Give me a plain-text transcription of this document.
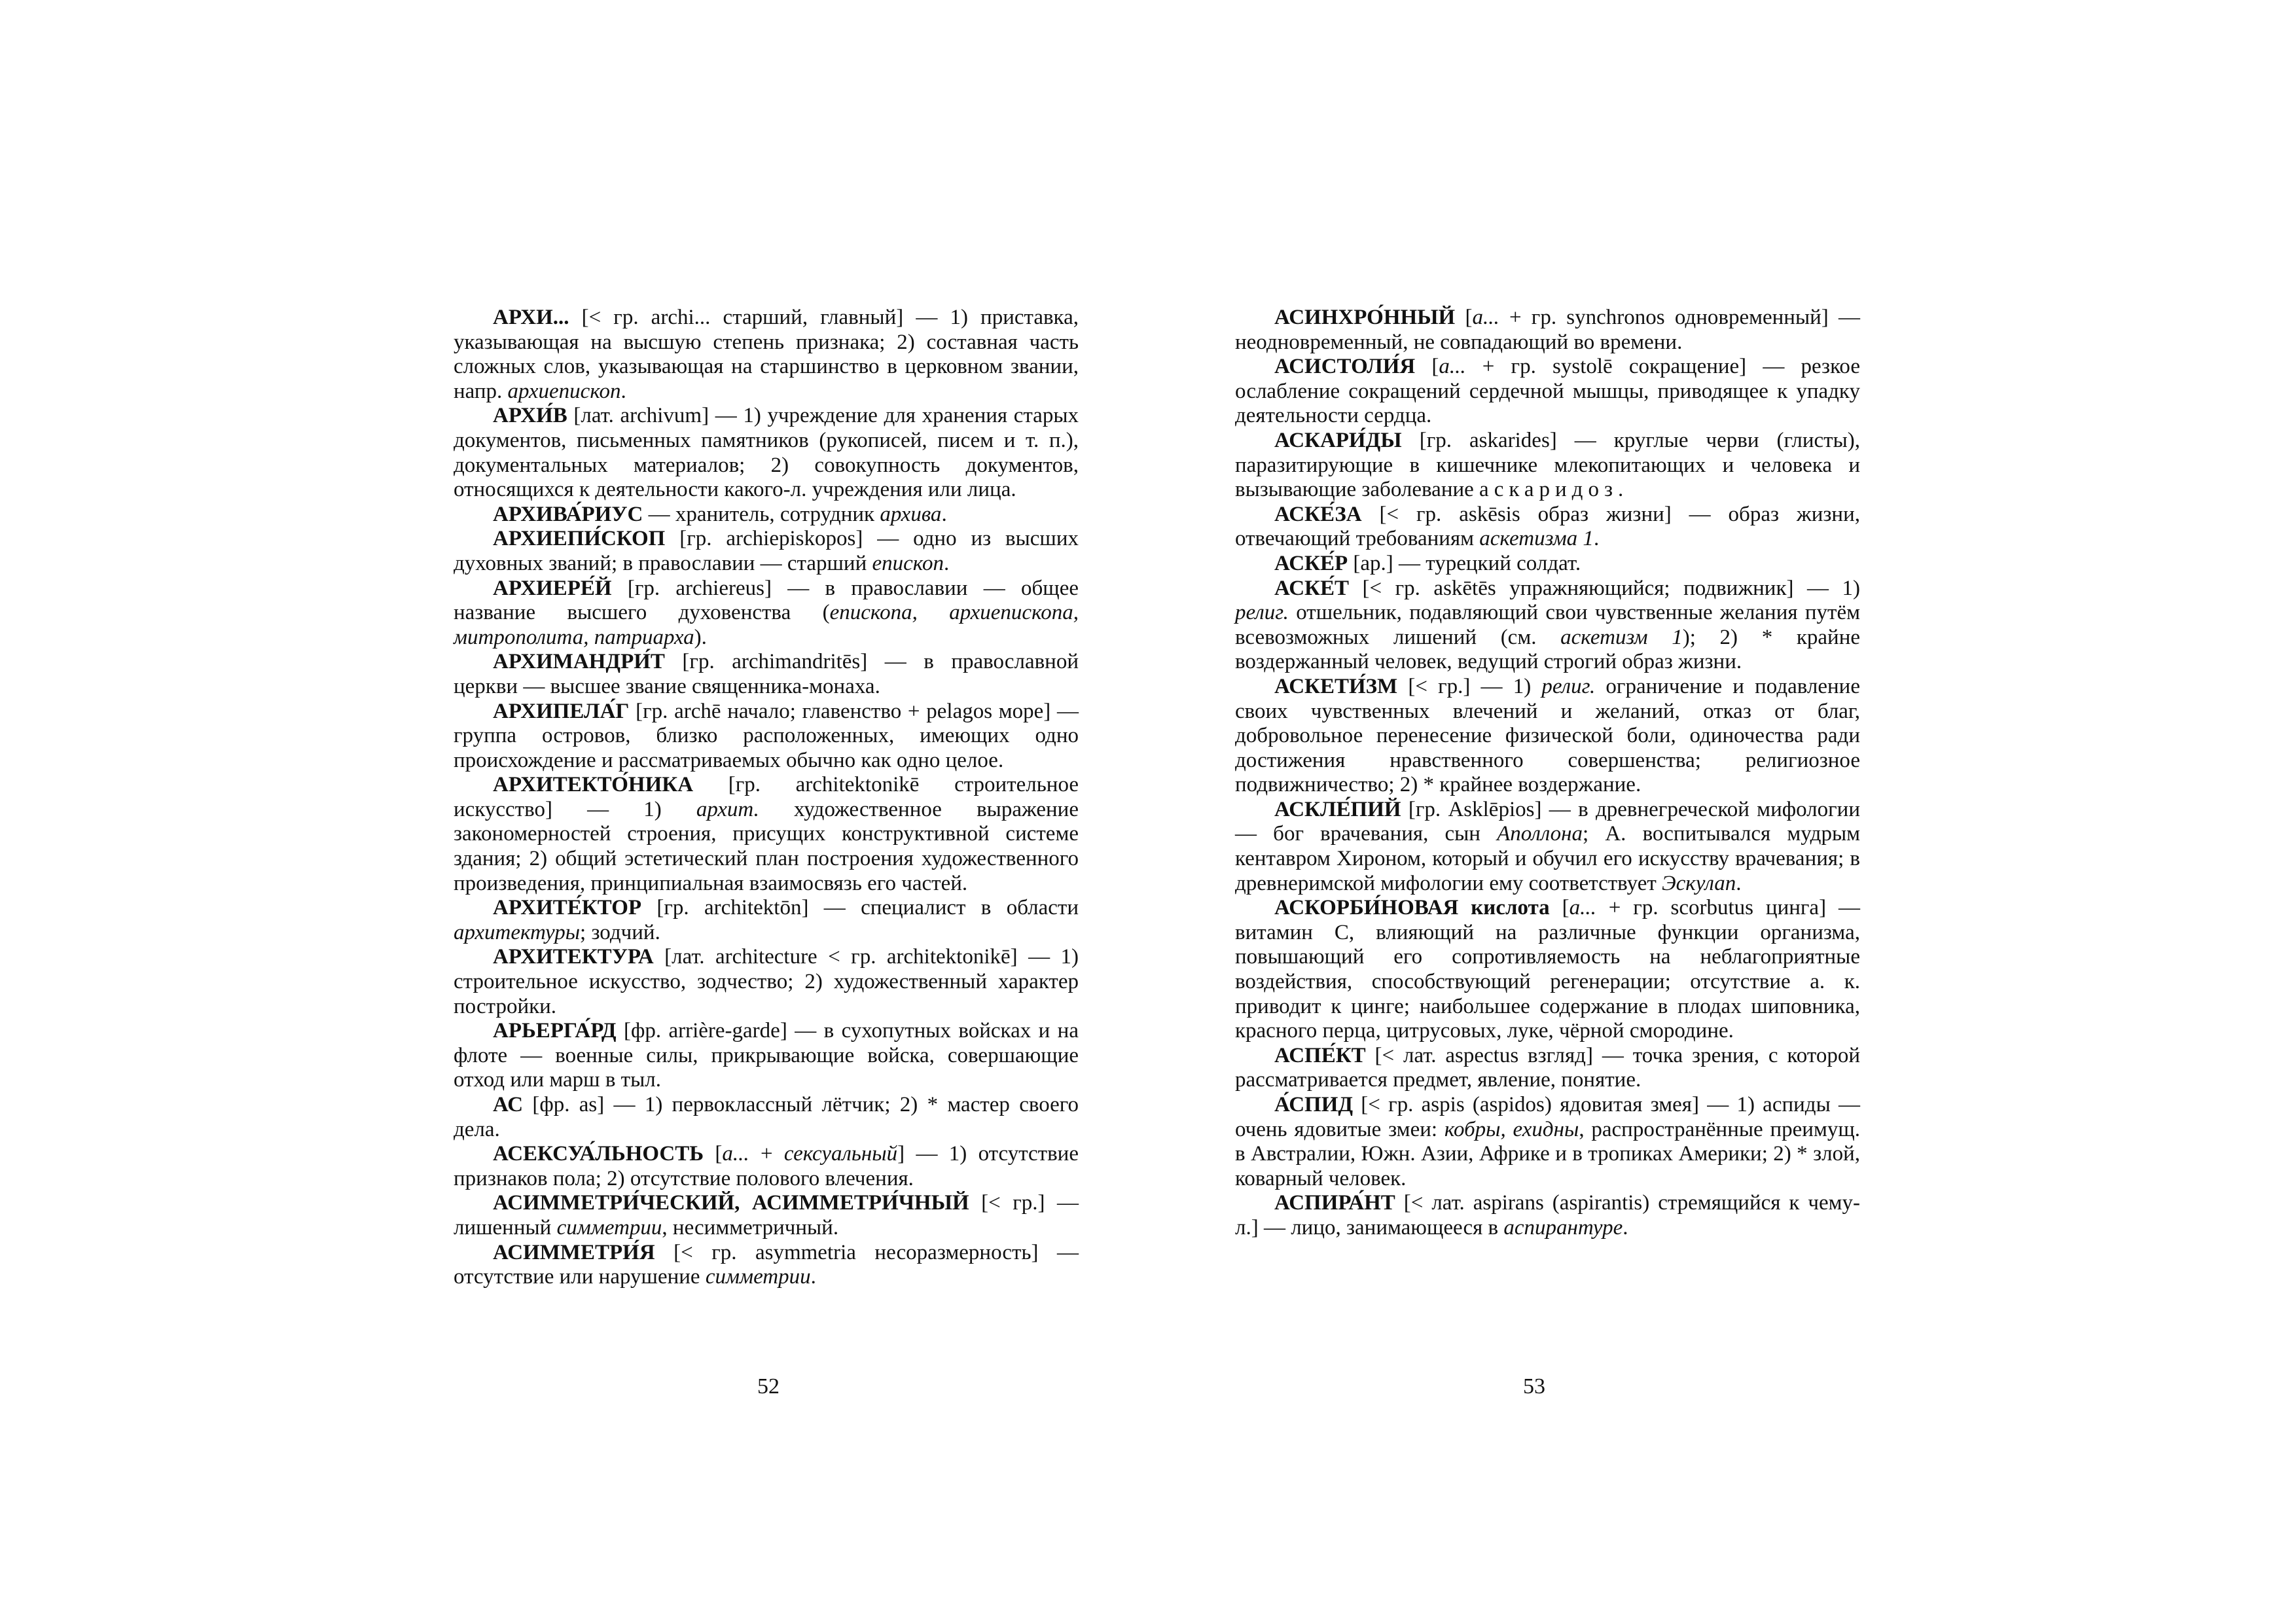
АРХИ... [< гр. archi... старший, главный] — 1) приставка, указывающая на высшую степень признака; 2) составная часть сложных слов, указывающая на старшинство в церковном звании, напр. архиепископ.

АРХИ́В [лат. archivum] — 1) учреждение для хранения старых документов, письменных памятников (рукописей, писем и т. п.), документальных материалов; 2) совокупность документов, относящихся к деятельности какого-л. учреждения или лица.

АРХИВА́РИУС — хранитель, сотрудник архива.

АРХИЕПИ́СКОП [гр. archiepiskopos] — одно из высших духовных званий; в православии — старший епископ.

АРХИЕРЕ́Й [гр. archiereus] — в православии — общее название высшего духовенства (епископа, архиепископа, митрополита, патриарха).

АРХИМАНДРИ́Т [гр. archimandritēs] — в православной церкви — высшее звание священника-монаха.

АРХИПЕЛА́Г [гр. archē начало; главенство + pelagos море] — группа островов, близко расположенных, имеющих одно происхождение и рассматриваемых обычно как одно целое.

АРХИТЕКТО́НИКА [гр. architektonikē строительное искусство] — 1) архит. художественное выражение закономерностей строения, присущих конструктивной системе здания; 2) общий эстетический план построения художественного произведения, принципиальная взаимосвязь его частей.

АРХИТЕ́КТОР [гр. architektōn] — специалист в области архитектуры; зодчий.

АРХИТЕКТУРА [лат. architecture < гр. architektonikē] — 1) строительное искусство, зодчество; 2) художественный характер постройки.

АРЬЕРГА́РД [фр. arrière-garde] — в сухопутных войсках и на флоте — военные силы, прикрывающие войска, совершающие отход или марш в тыл.

АС [фр. as] — 1) первоклассный лётчик; 2) * мастер своего дела.

АСЕКСУА́ЛЬНОСТЬ [а... + сексуальный] — 1) отсутствие признаков пола; 2) отсутствие полового влечения.

АСИММЕТРИ́ЧЕСКИЙ, АСИММЕТРИ́ЧНЫЙ [< гр.] — лишенный симметрии, несимметричный.

АСИММЕТРИ́Я [< гр. asymmetria несоразмерность] — отсутствие или нарушение симметрии.

52

АСИНХРО́ННЫЙ [а... + гр. synchronos одновременный] — неодновременный, не совпадающий во времени.

АСИСТОЛИ́Я [а... + гр. systolē сокращение] — резкое ослабление сокращений сердечной мышцы, приводящее к упадку деятельности сердца.

АСКАРИ́ДЫ [гр. askarides] — круглые черви (глисты), паразитирующие в кишечнике млекопитающих и человека и вызывающие заболевание аскаридоз.

АСКЕ́ЗА [< гр. askēsis образ жизни] — образ жизни, отвечающий требованиям аскетизма 1.

АСКЕ́Р [ар.] — турецкий солдат.

АСКЕ́Т [< гр. askētēs упражняющийся; подвижник] — 1) религ. отшельник, подавляющий свои чувственные желания путём всевозможных лишений (см. аскетизм 1); 2) * крайне воздержанный человек, ведущий строгий образ жизни.

АСКЕТИ́ЗМ [< гр.] — 1) религ. ограничение и подавление своих чувственных влечений и желаний, отказ от благ, добровольное перенесение физической боли, одиночества ради достижения нравственного совершенства; религиозное подвижничество; 2) * крайнее воздержание.

АСКЛЕ́ПИЙ [гр. Asklēpios] — в древнегреческой мифологии — бог врачевания, сын Аполлона; А. воспитывался мудрым кентавром Хироном, который и обучил его искусству врачевания; в древнеримской мифологии ему соответствует Эскулап.

АСКОРБИ́НОВАЯ кислота [а... + гр. scorbutus цинга] — витамин С, влияющий на различные функции организма, повышающий его сопротивляемость на неблагоприятные воздействия, способствующий регенерации; отсутствие а. к. приводит к цинге; наибольшее содержание в плодах шиповника, красного перца, цитрусовых, луке, чёрной смородине.

АСПЕ́КТ [< лат. aspectus взгляд] — точка зрения, с которой рассматривается предмет, явление, понятие.

А́СПИД [< гр. aspis (aspidos) ядовитая змея] — 1) аспиды — очень ядовитые змеи: кобры, ехидны, распространённые преимущ. в Австралии, Южн. Азии, Африке и в тропиках Америки; 2) * злой, коварный человек.

АСПИРА́НТ [< лат. aspirans (aspirantis) стремящийся к чему-л.] — лицо, занимающееся в аспирантуре.

53
